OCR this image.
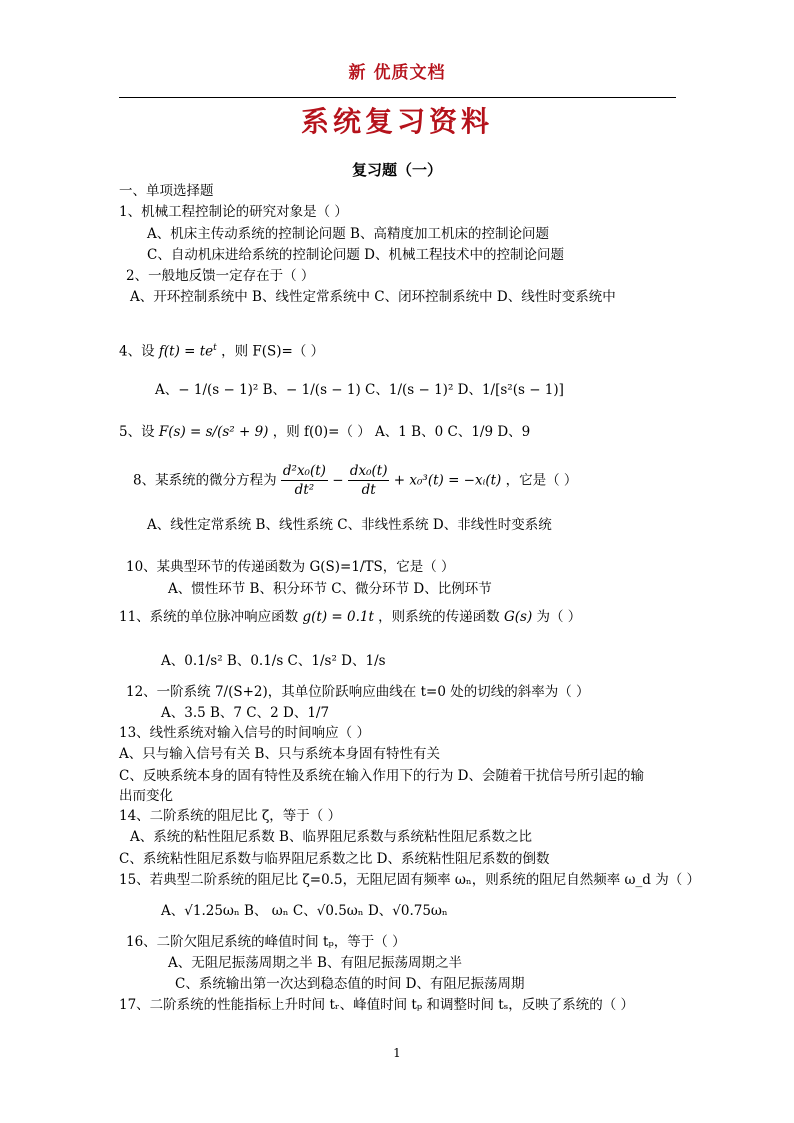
新 优质文档
系统复习资料
复习题（一）
一、单项选择题
1、机械工程控制论的研究对象是（ ）
A、机床主传动系统的控制论问题 B、高精度加工机床的控制论问题
C、自动机床进给系统的控制论问题 D、机械工程技术中的控制论问题
2、一般地反馈一定存在于（ ）
A、开环控制系统中 B、线性定常系统中 C、闭环控制系统中 D、线性时变系统中
4、设 $f(t) = te^t$ ，则 F(S)=（ ）
A、− 1/(s − 1)² B、− 1/(s − 1) C、1/(s − 1)² D、1/[s²(s − 1)]
5、设 F(s) = s/(s² + 9) ，则 f(0)=（ ） A、1 B、0 C、1/9 D、9
8、某系统的微分方程为 $\frac{\text{d²x₀(t)}}{\text{dt²}} - \frac{\text{dx₀(t)}}{dt} + x_0^3(t)$ = −xᵢ(t) ，它是（ ）
A、线性定常系统 B、线性系统 C、非线性系统 D、非线性时变系统
10、某典型环节的传递函数为 G(S)=1/TS，它是（ ）
A、惯性环节 B、积分环节 C、微分环节 D、比例环节
11、系统的单位脉冲响应函数 g(t) = 0.1t ，则系统的传递函数 G(s) 为（ ）
A、0.1/s² B、0.1/s C、1/s² D、1/s
12、一阶系统 7/(S+2)，其单位阶跃响应曲线在 t=0 处的切线的斜率为（ ）
A、3.5 B、7 C、2 D、1/7
13、线性系统对输入信号的时间响应（ ）
A、只与输入信号有关 B、只与系统本身固有特性有关
C、反映系统本身的固有特性及系统在输入作用下的行为 D、会随着干扰信号所引起的输
出而变化
14、二阶系统的阻尼比 ζ，等于（ ）
A、系统的粘性阻尼系数 B、临界阻尼系数与系统粘性阻尼系数之比
C、系统粘性阻尼系数与临界阻尼系数之比 D、系统粘性阻尼系数的倒数
15、若典型二阶系统的阻尼比 ζ=0.5，无阻尼固有频率 ωₙ，则系统的阻尼自然频率 ω_d 为（ ）
A、√1.25ωₙ B、 ωₙ C、√0.5ωₙ D、√0.75ωₙ
16、二阶欠阻尼系统的峰值时间 tₚ，等于（ ）
A、无阻尼振荡周期之半 B、有阻尼振荡周期之半
C、系统输出第一次达到稳态值的时间 D、有阻尼振荡周期
17、二阶系统的性能指标上升时间 tᵣ、峰值时间 tₚ 和调整时间 tₛ，反映了系统的（ ）
1
